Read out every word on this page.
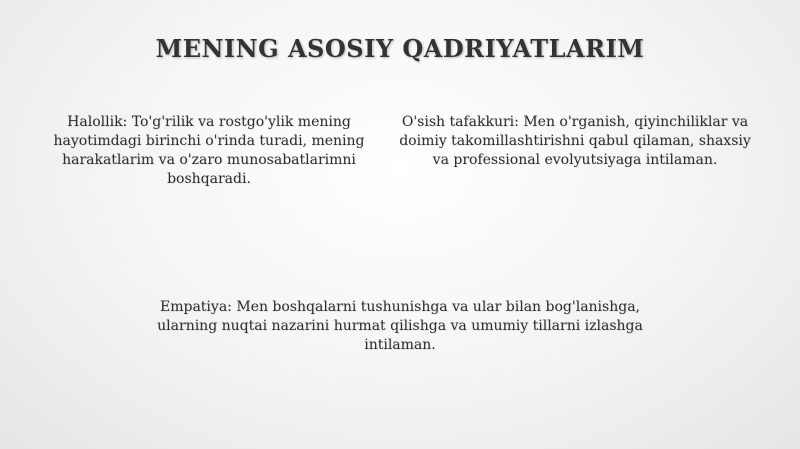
MENING ASOSIY QADRIYATLARIM

Halollik: To'g'rilik va rostgo'ylik mening hayotimdagi birinchi o'rinda turadi, mening harakatlarim va o'zaro munosabatlarimni boshqaradi.

O'sish tafakkuri: Men o'rganish, qiyinchiliklar va doimiy takomillashtirishni qabul qilaman, shaxsiy va professional evolyutsiyaga intilaman.

Empatiya: Men boshqalarni tushunishga va ular bilan bog'lanishga, ularning nuqtai nazarini hurmat qilishga va umumiy tillarni izlashga intilaman.
